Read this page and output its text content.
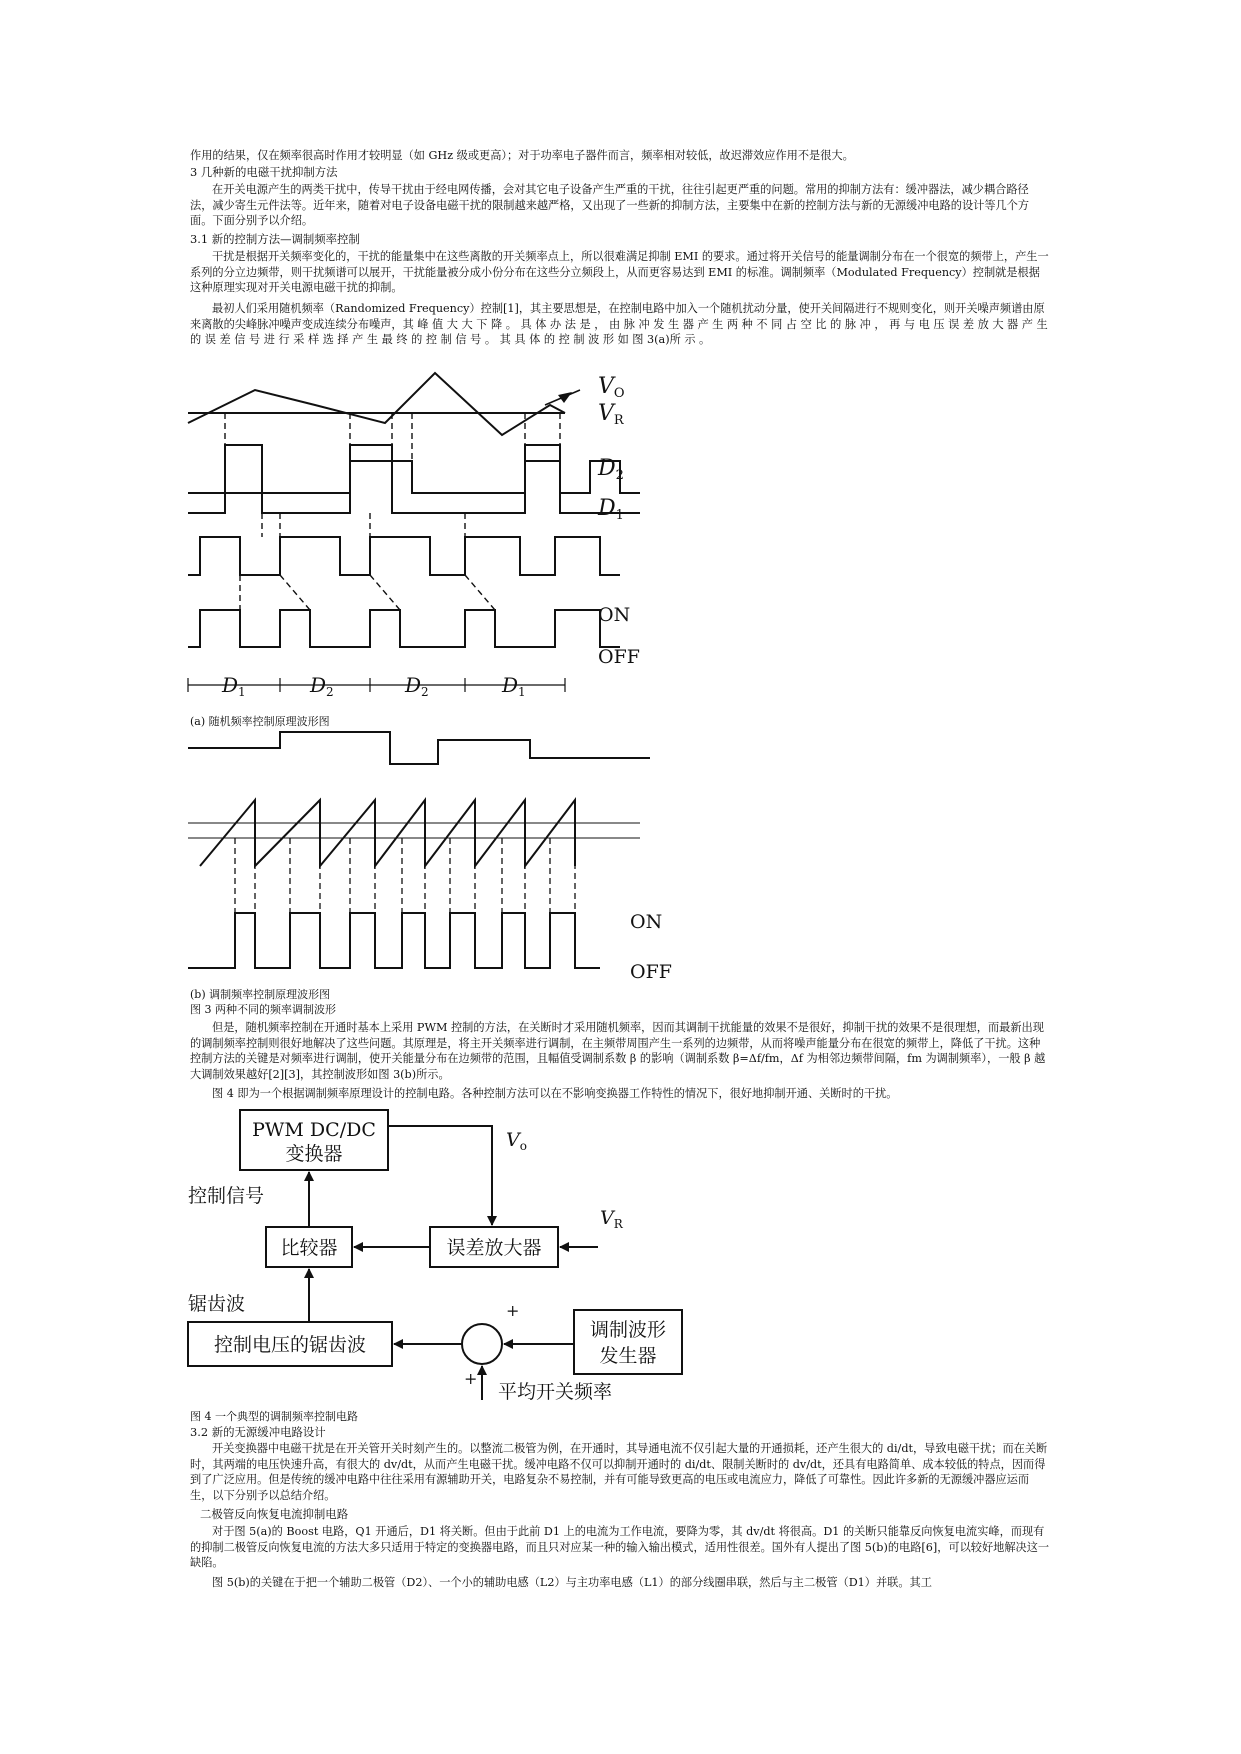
作用的结果，仅在频率很高时作用才较明显（如 GHz 级或更高）；对于功率电子器件而言，频率相对较低，故迟滞效应作用不是很大。

3 几种新的电磁干扰抑制方法

在开关电源产生的两类干扰中，传导干扰由于经电网传播，会对其它电子设备产生严重的干扰，往往引起更严重的问题。常用的抑制方法有：缓冲器法，减少耦合路径法，减少寄生元件法等。近年来，随着对电子设备电磁干扰的限制越来越严格，又出现了一些新的抑制方法，主要集中在新的控制方法与新的无源缓冲电路的设计等几个方面。下面分别予以介绍。

3.1 新的控制方法—调制频率控制

干扰是根据开关频率变化的，干扰的能量集中在这些离散的开关频率点上，所以很难满足抑制 EMI 的要求。通过将开关信号的能量调制分布在一个很宽的频带上，产生一系列的分立边频带，则干扰频谱可以展开，干扰能量被分成小份分布在这些分立频段上，从而更容易达到 EMI 的标准。调制频率（Modulated Frequency）控制就是根据这种原理实现对开关电源电磁干扰的抑制。

最初人们采用随机频率（Randomized Frequency）控制[1]，其主要思想是，在控制电路中加入一个随机扰动分量，使开关间隔进行不规则变化，则开关噪声频谱由原来离散的尖峰脉冲噪声变成连续分布噪声，其 峰 值 大 大 下 降 。 具 体 办 法 是 ， 由 脉 冲 发 生 器 产 生 两 种 不 同 占 空 比 的 脉 冲 ， 再 与 电 压 误 差 放 大 器 产 生 的 误 差 信 号 进 行 采 样 选 择 产 生 最 终 的 控 制 信 号 。 其 具 体 的 控 制 波 形 如 图 3(a)所 示 。

VO
VR
D2
D1
ON
OFF
$D_1$	$D_2$	$D_2$	$D_1$

(a) 随机频率控制原理波形图

ON
OFF

(b) 调制频率控制原理波形图

图 3 两种不同的频率调制波形

但是，随机频率控制在开通时基本上采用 PWM 控制的方法，在关断时才采用随机频率，因而其调制干扰能量的效果不是很好，抑制干扰的效果不是很理想，而最新出现的调制频率控制则很好地解决了这些问题。其原理是，将主开关频率进行调制，在主频带周围产生一系列的边频带，从而将噪声能量分布在很宽的频带上，降低了干扰。这种控制方法的关键是对频率进行调制，使开关能量分布在边频带的范围，且幅值受调制系数 β 的影响（调制系数 β=Δf/fm，Δf 为相邻边频带间隔，fm 为调制频率），一般 β 越大调制效果越好[2][3]，其控制波形如图 3(b)所示。

图 4 即为一个根据调制频率原理设计的控制电路。各种控制方法可以在不影响变换器工作特性的情况下，很好地抑制开通、关断时的干扰。

PWM DC/DC
变换器
控制信号
比较器	误差放大器
锯齿波
控制电压的锯齿波
调制波形
发生器
平均开关频率
$V_o$
$V_R$
+
+

图 4 一个典型的调制频率控制电路

3.2 新的无源缓冲电路设计

开关变换器中电磁干扰是在开关管开关时刻产生的。以整流二极管为例，在开通时，其导通电流不仅引起大量的开通损耗，还产生很大的 di/dt，导致电磁干扰；而在关断时，其两端的电压快速升高，有很大的 dv/dt，从而产生电磁干扰。缓冲电路不仅可以抑制开通时的 di/dt、限制关断时的 dv/dt，还具有电路简单、成本较低的特点，因而得到了广泛应用。但是传统的缓冲电路中往往采用有源辅助开关，电路复杂不易控制，并有可能导致更高的电压或电流应力，降低了可靠性。因此许多新的无源缓冲器应运而生，以下分别予以总结介绍。

二极管反向恢复电流抑制电路

对于图 5(a)的 Boost 电路，Q1 开通后，D1 将关断。但由于此前 D1 上的电流为工作电流，要降为零，其 dv/dt 将很高。D1 的关断只能靠反向恢复电流实峰，而现有的抑制二极管反向恢复电流的方法大多只适用于特定的变换器电路，而且只对应某一种的输入输出模式，适用性很差。国外有人提出了图 5(b)的电路[6]，可以较好地解决这一缺陷。

图 5(b)的关键在于把一个辅助二极管（D2）、一个小的辅助电感（L2）与主功率电感（L1）的部分线圈串联，然后与主二极管（D1）并联。其工
